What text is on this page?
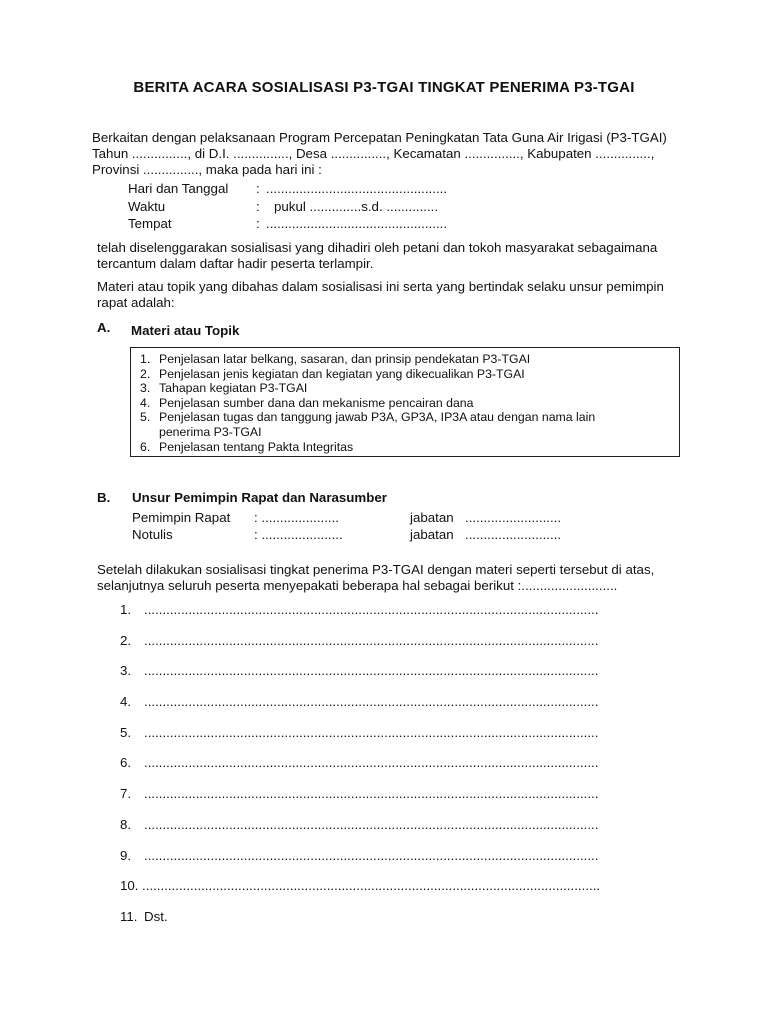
BERITA ACARA SOSIALISASI P3-TGAI TINGKAT PENERIMA P3-TGAI
Berkaitan dengan pelaksanaan Program Percepatan Peningkatan Tata Guna Air Irigasi (P3-TGAI)
Tahun ..............., di D.I. ..............., Desa ..............., Kecamatan ..............., Kabupaten ...............,
Provinsi ..............., maka pada hari ini :
Hari dan Tanggal : .................................................
Waktu	: pukul ..............s.d. ..............
Tempat	: .................................................
telah diselenggarakan sosialisasi yang dihadiri oleh petani dan tokoh masyarakat sebagaimana
tercantum dalam daftar hadir peserta terlampir.
Materi atau topik yang dibahas dalam sosialisasi ini serta yang bertindak selaku unsur pemimpin
rapat adalah:
A. Materi atau Topik
1. Penjelasan latar belkang, sasaran, dan prinsip pendekatan P3-TGAI
2. Penjelasan jenis kegiatan dan kegiatan yang dikecualikan P3-TGAI
3. Tahapan kegiatan P3-TGAI
4. Penjelasan sumber dana dan mekanisme pencairan dana
5. Penjelasan tugas dan tanggung jawab P3A, GP3A, IP3A atau dengan nama lain
penerima P3-TGAI
6. Penjelasan tentang Pakta Integritas
B. Unsur Pemimpin Rapat dan Narasumber
Pemimpin Rapat : .....................	jabatan ..........................
Notulis	: ......................	jabatan ..........................
Setelah dilakukan sosialisasi tingkat penerima P3-TGAI dengan materi seperti tersebut di atas,
selanjutnya seluruh peserta menyepakati beberapa hal sebagai berikut :..........................
1. ...........................................................................................................................
2. ...........................................................................................................................
3. ...........................................................................................................................
4. ...........................................................................................................................
5. ...........................................................................................................................
6. ...........................................................................................................................
7. ...........................................................................................................................
8. ...........................................................................................................................
9. ...........................................................................................................................
10. ............................................................................................................................
11. Dst.
